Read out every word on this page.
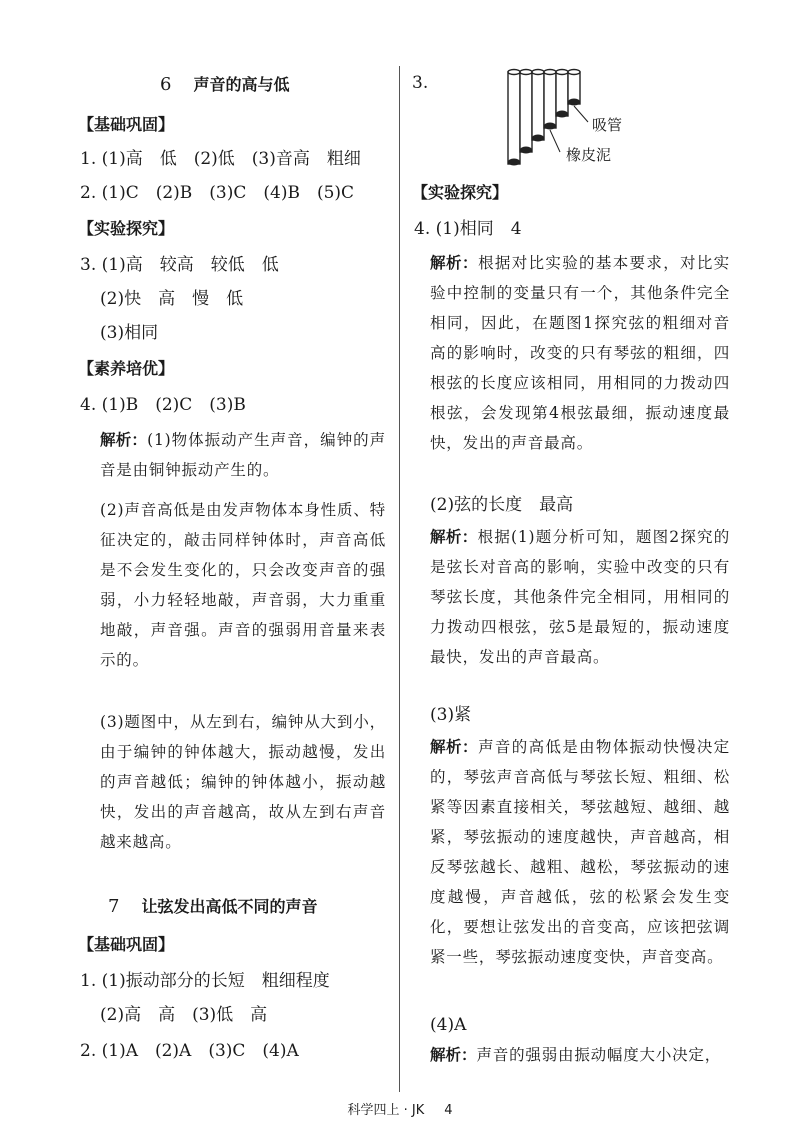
6 声音的高与低
【基础巩固】
1. (1)高　低　(2)低　(3)音高　粗细
2. (1)C　(2)B　(3)C　(4)B　(5)C
【实验探究】
3. (1)高　较高　较低　低
(2)快　高　慢　低
(3)相同
【素养培优】
4. (1)B　(2)C　(3)B
解析：(1)物体振动产生声音，编钟的声音是由铜钟振动产生的。
(2)声音高低是由发声物体本身性质、特征决定的，敲击同样钟体时，声音高低是不会发生变化的，只会改变声音的强弱，小力轻轻地敲，声音弱，大力重重地敲，声音强。声音的强弱用音量来表示的。
(3)题图中，从左到右，编钟从大到小，由于编钟的钟体越大，振动越慢，发出的声音越低；编钟的钟体越小，振动越快，发出的声音越高，故从左到右声音越来越高。
7 让弦发出高低不同的声音
【基础巩固】
1. (1)振动部分的长短　粗细程度
(2)高　高　(3)低　高
2. (1)A　(2)A　(3)C　(4)A
3.
吸管
橡皮泥
【实验探究】
4. (1)相同　4
解析：根据对比实验的基本要求，对比实验中控制的变量只有一个，其他条件完全相同，因此，在题图1探究弦的粗细对音高的影响时，改变的只有琴弦的粗细，四根弦的长度应该相同，用相同的力拨动四根弦，会发现第4根弦最细，振动速度最快，发出的声音最高。
(2)弦的长度　最高
解析：根据(1)题分析可知，题图2探究的是弦长对音高的影响，实验中改变的只有琴弦长度，其他条件完全相同，用相同的力拨动四根弦，弦5是最短的，振动速度最快，发出的声音最高。
(3)紧
解析：声音的高低是由物体振动快慢决定的，琴弦声音高低与琴弦长短、粗细、松紧等因素直接相关，琴弦越短、越细、越紧，琴弦振动的速度越快，声音越高，相反琴弦越长、越粗、越松，琴弦振动的速度越慢，声音越低，弦的松紧会发生变化，要想让弦发出的音变高，应该把弦调紧一些，琴弦振动速度变快，声音变高。
(4)A
解析：声音的强弱由振动幅度大小决定，
科学四上 · JK 4
